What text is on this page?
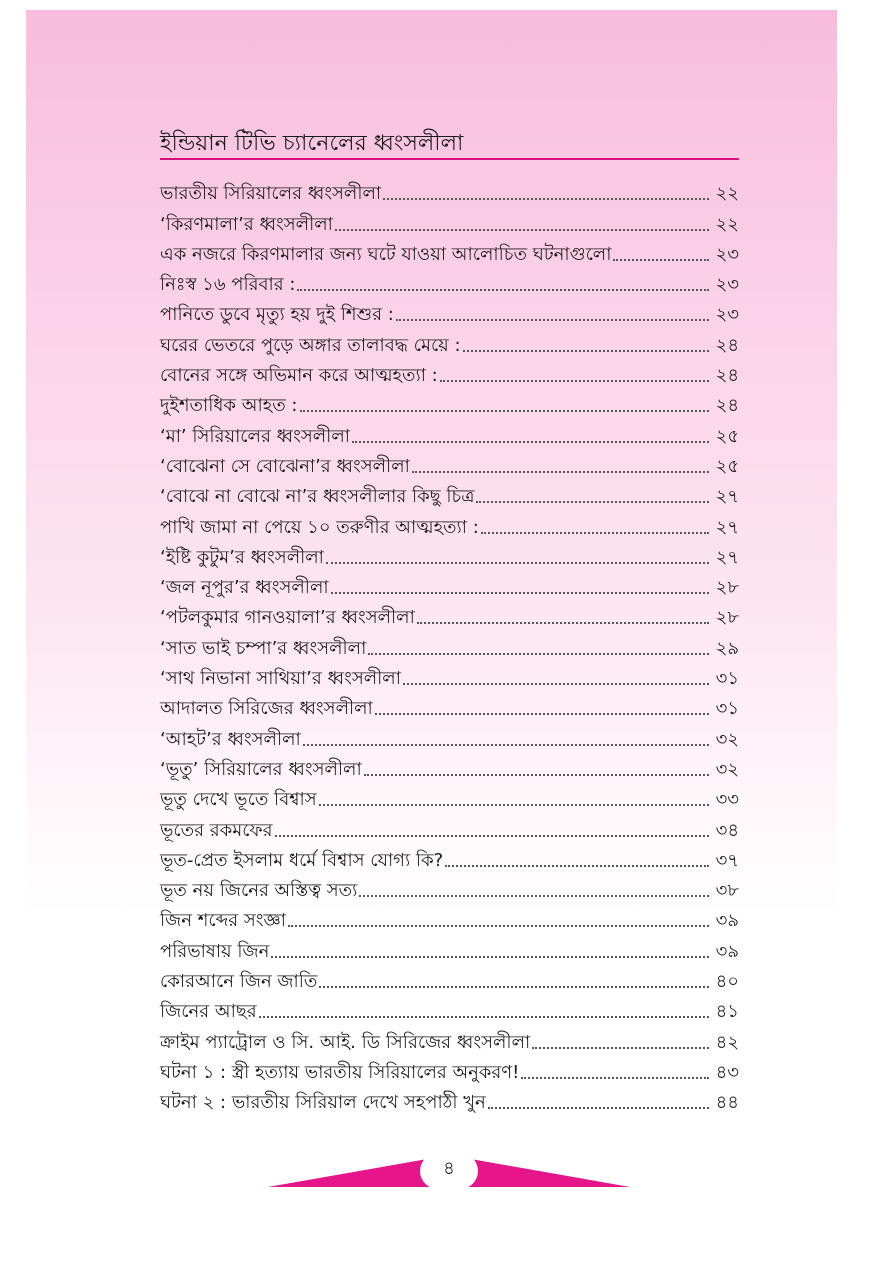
ইন্ডিয়ান টিভি চ্যানেলের ধ্বংসলীলা
ভারতীয় সিরিয়ালের ধ্বংসলীলা	২২
‘কিরণমালা’র ধ্বংসলীলা	২২
এক নজরে কিরণমালার জন্য ঘটে যাওয়া আলোচিত ঘটনাগুলো	২৩
নিঃস্ব ১৬ পরিবার :	২৩
পানিতে ডুবে মৃত্যু হয় দুই শিশুর :	২৩
ঘরের ভেতরে পুড়ে অঙ্গার তালাবদ্ধ মেয়ে :	২৪
বোনের সঙ্গে অভিমান করে আত্মহত্যা :	২৪
দুইশতাধিক আহত :	২৪
‘মা’ সিরিয়ালের ধ্বংসলীলা	২৫
‘বোঝেনা সে বোঝেনা’র ধ্বংসলীলা	২৫
‘বোঝে না বোঝে না’র ধ্বংসলীলার কিছু চিত্র	২৭
পাখি জামা না পেয়ে ১০ তরুণীর আত্মহত্যা :	২৭
‘ইষ্টি কুটুম’র ধ্বংসলীলা	২৭
‘জল নূপুর’র ধ্বংসলীলা	২৮
‘পটলকুমার গানওয়ালা’র ধ্বংসলীলা	২৮
‘সাত ভাই চম্পা’র ধ্বংসলীলা	২৯
‘সাথ নিভানা সাথিয়া’র ধ্বংসলীলা	৩১
আদালত সিরিজের ধ্বংসলীলা	৩১
‘আহট’র ধ্বংসলীলা	৩২
‘ভূতু’ সিরিয়ালের ধ্বংসলীলা	৩২
ভূতু দেখে ভূতে বিশ্বাস	৩৩
ভূতের রকমফের	৩৪
ভূত-প্রেত ইসলাম ধর্মে বিশ্বাস যোগ্য কি?	৩৭
ভূত নয় জিনের অস্তিত্ব সত্য	৩৮
জিন শব্দের সংজ্ঞা	৩৯
পরিভাষায় জিন	৩৯
কোরআনে জিন জাতি	৪০
জিনের আছর	৪১
ক্রাইম প্যাট্রোল ও সি. আই. ডি সিরিজের ধ্বংসলীলা	৪২
ঘটনা ১ : স্ত্রী হত্যায় ভারতীয় সিরিয়ালের অনুকরণ!	৪৩
ঘটনা ২ : ভারতীয় সিরিয়াল দেখে সহপাঠী খুন	৪৪
৪
